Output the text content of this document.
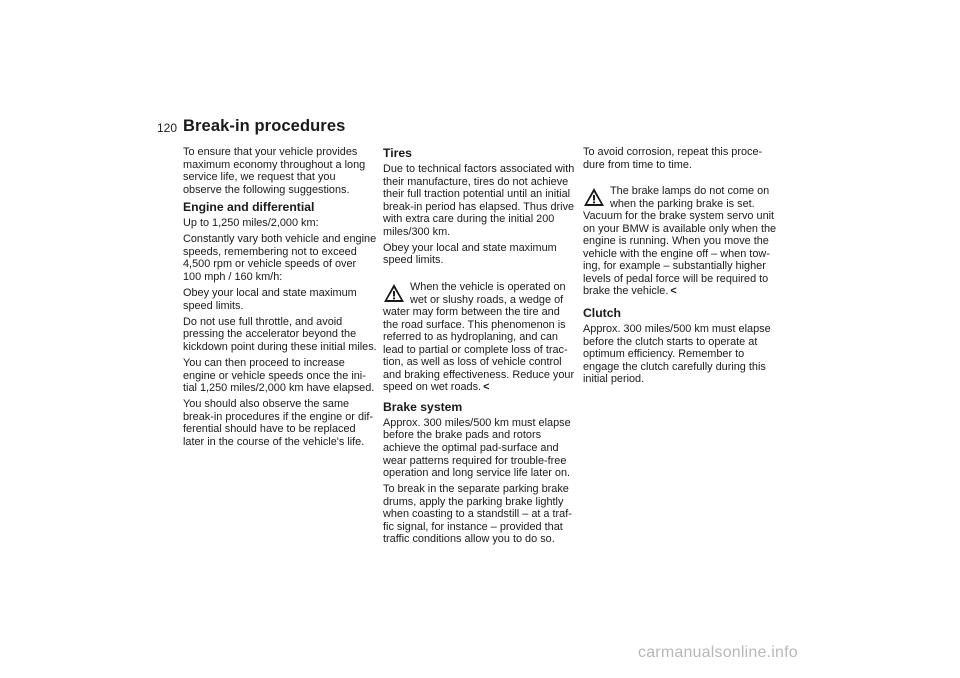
120 Break-in procedures

To ensure that your vehicle provides maximum economy throughout a long service life, we request that you observe the following suggestions.

Engine and differential

Up to 1,250 miles/2,000 km:

Constantly vary both vehicle and engine speeds, remembering not to exceed 4,500 rpm or vehicle speeds of over 100 mph / 160 km/h:

Obey your local and state maximum speed limits.

Do not use full throttle, and avoid pressing the accelerator beyond the kickdown point during these initial miles.

You can then proceed to increase engine or vehicle speeds once the ini-tial 1,250 miles/2,000 km have elapsed.

You should also observe the same break-in procedures if the engine or dif-ferential should have to be replaced later in the course of the vehicle's life.

Tires

Due to technical factors associated with their manufacture, tires do not achieve their full traction potential until an initial break-in period has elapsed. Thus drive with extra care during the initial 200 miles/300 km.

Obey your local and state maximum speed limits.

When the vehicle is operated on wet or slushy roads, a wedge of water may form between the tire and the road surface. This phenomenon is referred to as hydroplaning, and can lead to partial or complete loss of trac-tion, as well as loss of vehicle control and braking effectiveness. Reduce your speed on wet roads. <
Brake system

Approx. 300 miles/500 km must elapse before the brake pads and rotors achieve the optimal pad-surface and wear patterns required for trouble-free operation and long service life later on.

To break in the separate parking brake drums, apply the parking brake lightly when coasting to a standstill – at a traf-fic signal, for instance – provided that traffic conditions allow you to do so.

To avoid corrosion, repeat this proce-dure from time to time.

The brake lamps do not come on when the parking brake is set. Vacuum for the brake system servo unit on your BMW is available only when the engine is running. When you move the vehicle with the engine off – when tow-ing, for example – substantially higher levels of pedal force will be required to brake the vehicle. <
Clutch

Approx. 300 miles/500 km must elapse before the clutch starts to operate at optimum efficiency. Remember to engage the clutch carefully during this initial period.

carmanualsonline.info
